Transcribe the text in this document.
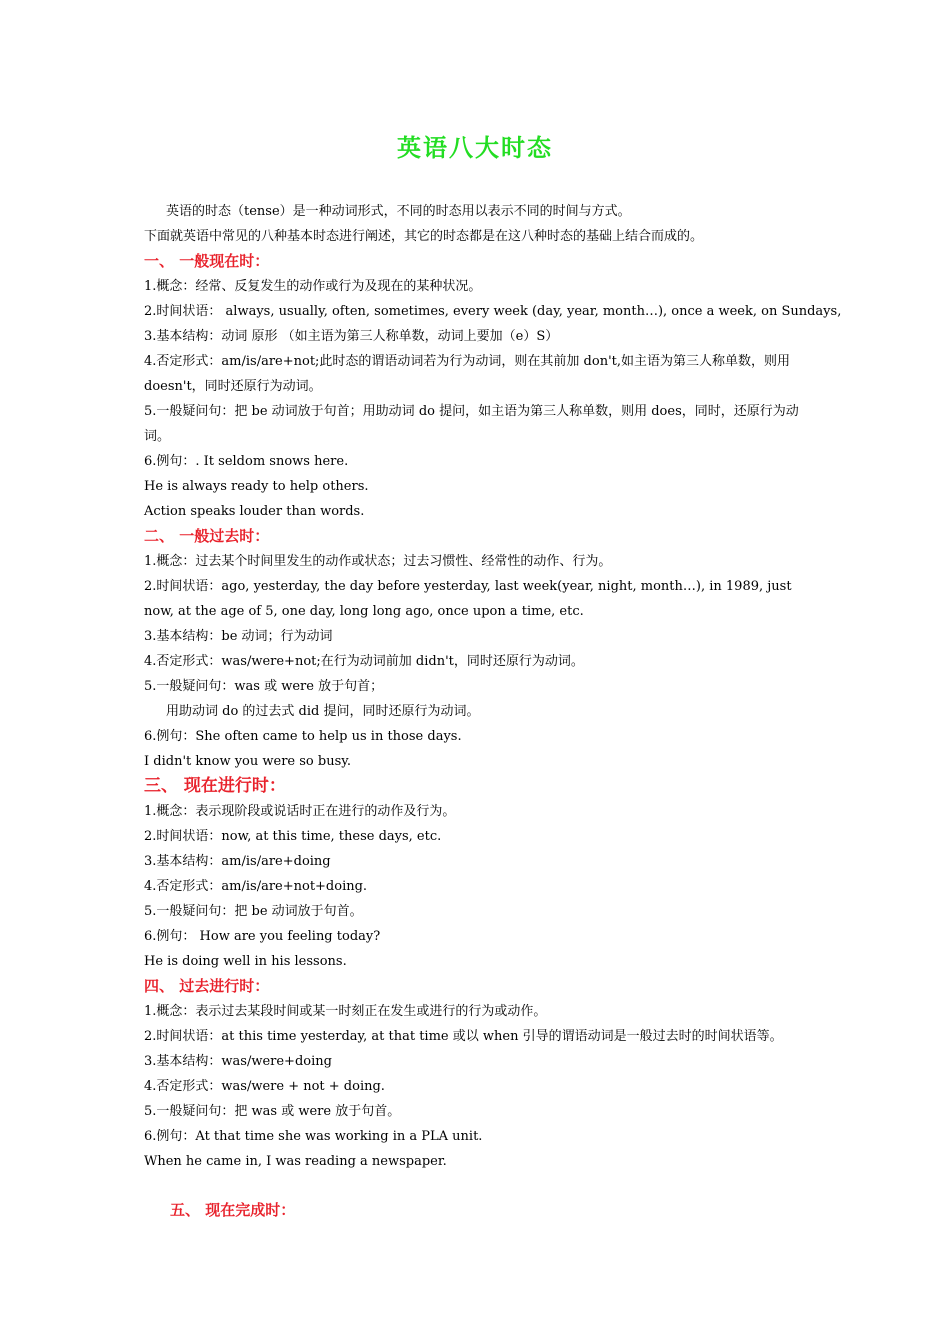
英语八大时态
英语的时态（tense）是一种动词形式，不同的时态用以表示不同的时间与方式。
下面就英语中常见的八种基本时态进行阐述，其它的时态都是在这八种时态的基础上结合而成的。
一、 一般现在时：
1.概念：经常、反复发生的动作或行为及现在的某种状况。
2.时间状语： always, usually, often, sometimes, every week (day, year, month…), once a week, on Sundays,
3.基本结构：动词 原形 （如主语为第三人称单数，动词上要加（e）S）
4.否定形式：am/is/are+not;此时态的谓语动词若为行为动词，则在其前加 don't,如主语为第三人称单数，则用 doesn't，同时还原行为动词。
5.一般疑问句：把 be 动词放于句首；用助动词 do 提问，如主语为第三人称单数，则用 does，同时，还原行为动词。
6.例句：. It seldom snows here.
He is always ready to help others.
Action speaks louder than words.
二、 一般过去时：
1.概念：过去某个时间里发生的动作或状态；过去习惯性、经常性的动作、行为。
2.时间状语：ago, yesterday, the day before yesterday, last week(year, night, month…), in 1989, just now, at the age of 5, one day, long long ago, once upon a time, etc.
3.基本结构：be 动词；行为动词
4.否定形式：was/were+not;在行为动词前加 didn't，同时还原行为动词。
5.一般疑问句：was 或 were 放于句首；
用助动词 do 的过去式 did 提问，同时还原行为动词。
6.例句：She often came to help us in those days.
I didn't know you were so busy.
三、 现在进行时：
1.概念：表示现阶段或说话时正在进行的动作及行为。
2.时间状语：now, at this time, these days, etc.
3.基本结构：am/is/are+doing
4.否定形式：am/is/are+not+doing.
5.一般疑问句：把 be 动词放于句首。
6.例句： How are you feeling today?
He is doing well in his lessons.
四、 过去进行时：
1.概念：表示过去某段时间或某一时刻正在发生或进行的行为或动作。
2.时间状语：at this time yesterday, at that time 或以 when 引导的谓语动词是一般过去时的时间状语等。
3.基本结构：was/were+doing
4.否定形式：was/were + not + doing.
5.一般疑问句：把 was 或 were 放于句首。
6.例句：At that time she was working in a PLA unit.
When he came in, I was reading a newspaper.
五、 现在完成时：
